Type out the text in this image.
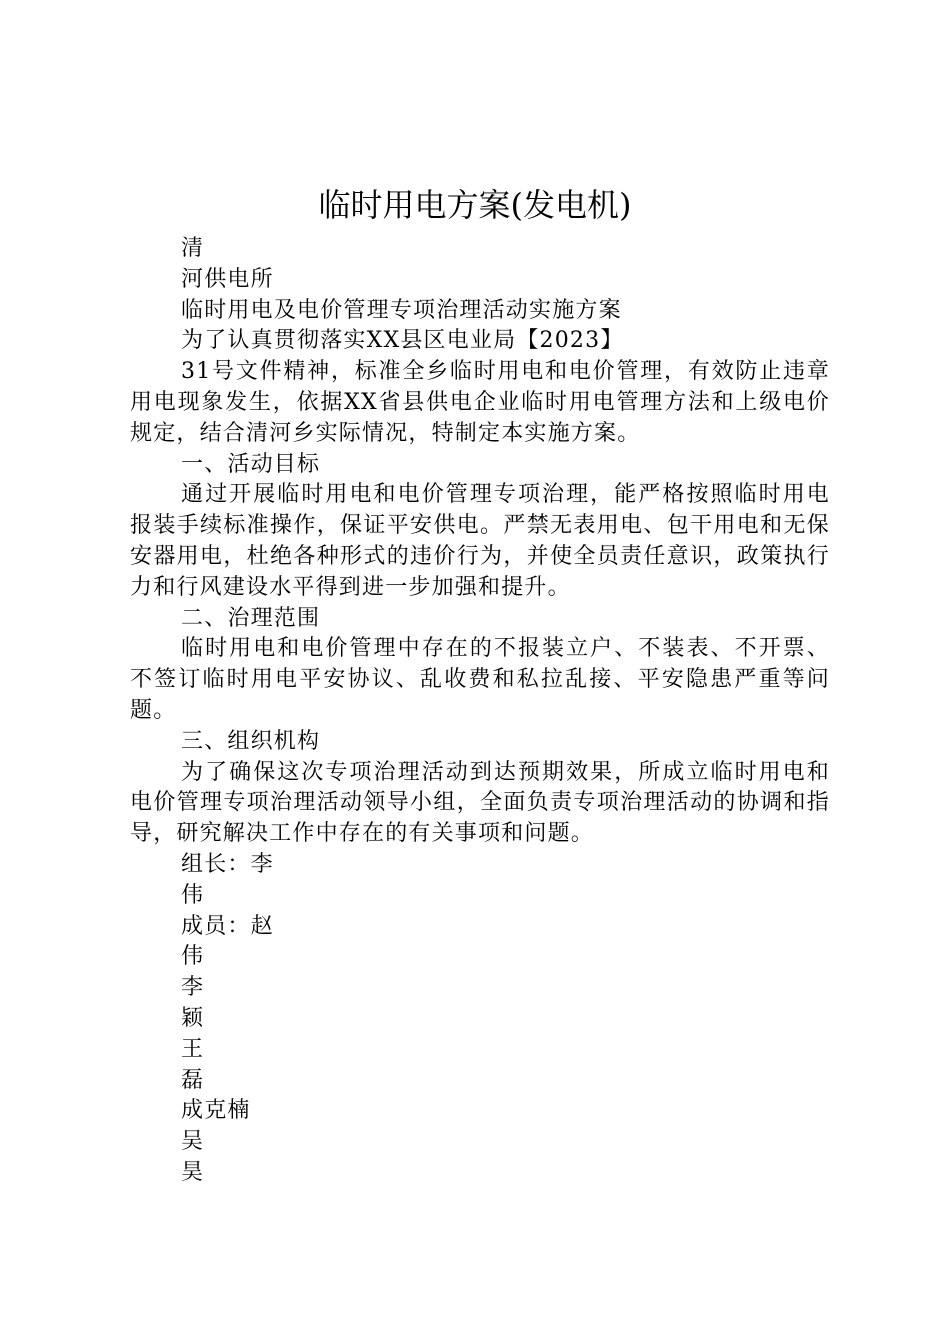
临时用电方案(发电机)

清

河供电所

临时用电及电价管理专项治理活动实施方案

为了认真贯彻落实XX县区电业局【2023】

31号文件精神，标准全乡临时用电和电价管理，有效防止违章用电现象发生，依据XX省县供电企业临时用电管理方法和上级电价规定，结合清河乡实际情况，特制定本实施方案。

一、活动目标

通过开展临时用电和电价管理专项治理，能严格按照临时用电报装手续标准操作，保证平安供电。严禁无表用电、包干用电和无保安器用电，杜绝各种形式的违价行为，并使全员责任意识，政策执行力和行风建设水平得到进一步加强和提升。

二、治理范围

临时用电和电价管理中存在的不报装立户、不装表、不开票、不签订临时用电平安协议、乱收费和私拉乱接、平安隐患严重等问题。

三、组织机构

为了确保这次专项治理活动到达预期效果，所成立临时用电和电价管理专项治理活动领导小组，全面负责专项治理活动的协调和指导，研究解决工作中存在的有关事项和问题。

组长：李

伟

成员：赵

伟

李

颖

王

磊

成克楠

吴

昊
